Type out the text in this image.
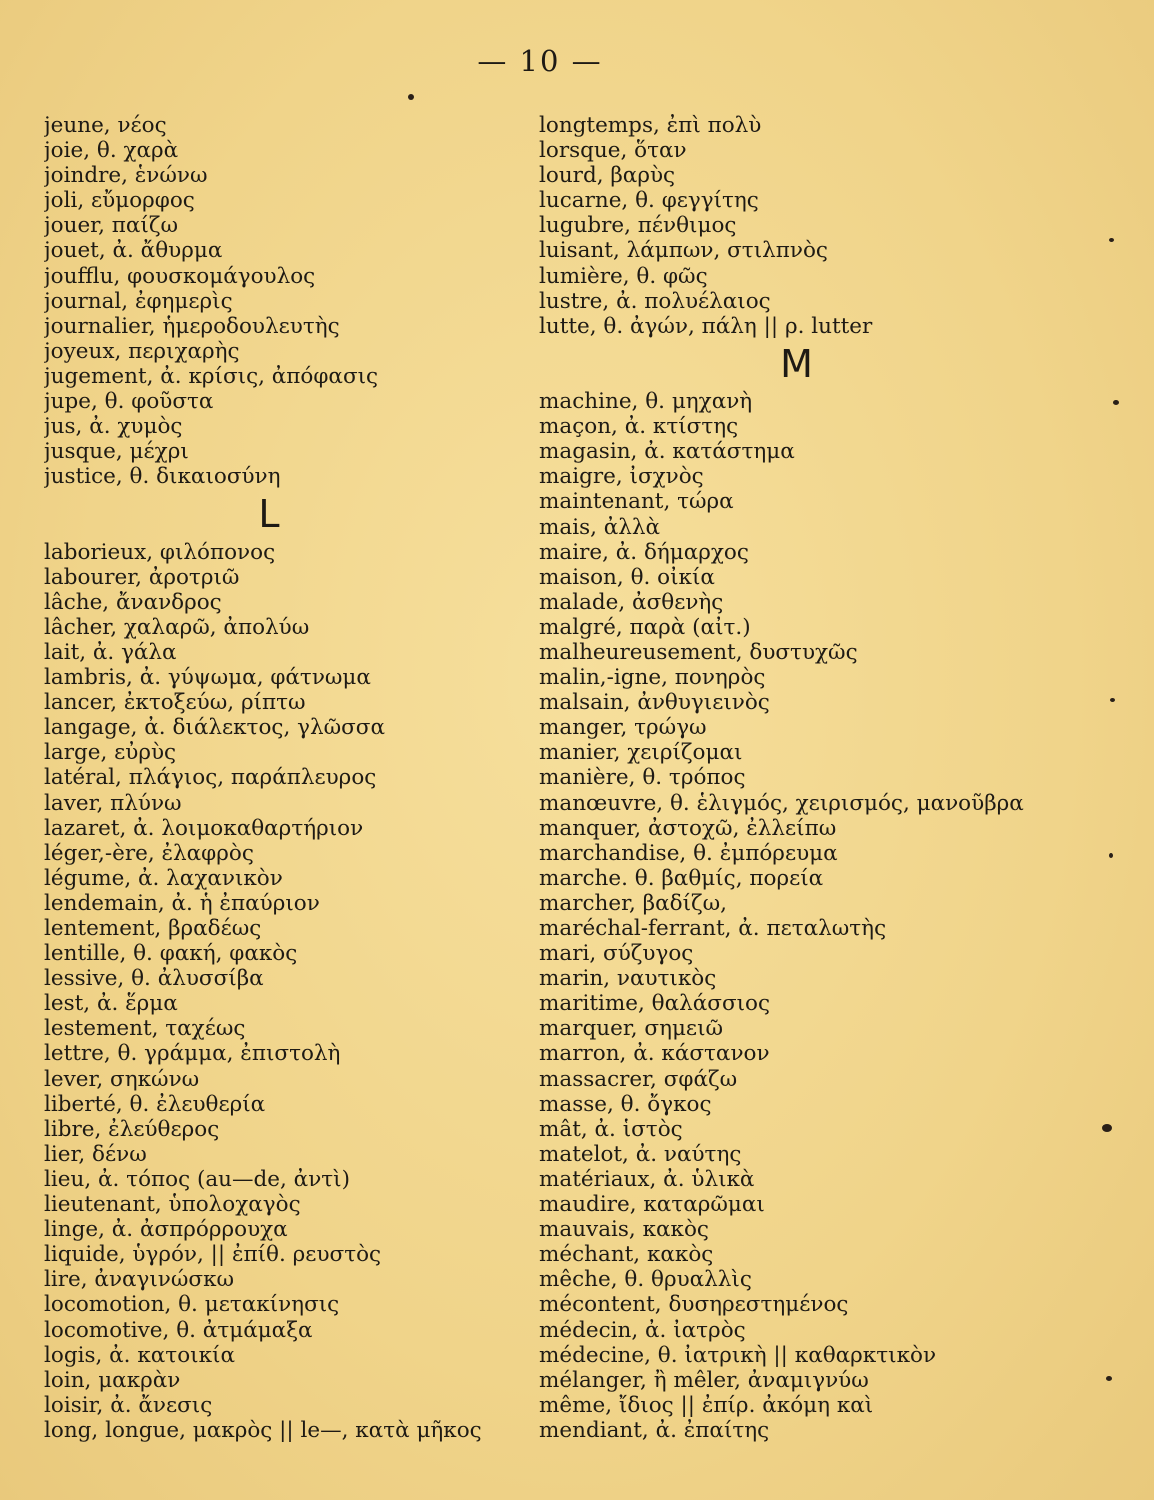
— 10 —
jeune, νέος
joie, θ. χαρὰ
joindre, ἑνώνω
joli, εὔμορφος
jouer, παίζω
jouet, ἀ. ἄθυρμα
joufflu, φουσκομάγουλος
journal, ἐφημερὶς
journalier, ἡμεροδουλευτὴς
joyeux, περιχαρὴς
jugement, ἀ. κρίσις, ἀπόφασις
jupe, θ. φοῦστα
jus, ἀ. χυμὸς
jusque, μέχρι
justice, θ. δικαιοσύνη
L
laborieux, φιλόπονος
labourer, ἀροτριῶ
lâche, ἄνανδρος
lâcher, χαλαρῶ, ἀπολύω
lait, ἀ. γάλα
lambris, ἀ. γύψωμα, φάτνωμα
lancer, ἐκτοξεύω, ρίπτω
langage, ἀ. διάλεκτος, γλῶσσα
large, εὐρὺς
latéral, πλάγιος, παράπλευρος
laver, πλύνω
lazaret, ἀ. λοιμοκαθαρτήριον
léger,-ère, ἐλαφρὸς
légume, ἀ. λαχανικὸν
lendemain, ἀ. ἡ ἐπαύριον
lentement, βραδέως
lentille, θ. φακή, φακὸς
lessive, θ. ἀλυσσίβα
lest, ἀ. ἕρμα
lestement, ταχέως
lettre, θ. γράμμα, ἐπιστολὴ
lever, σηκώνω
liberté, θ. ἐλευθερία
libre, ἐλεύθερος
lier, δένω
lieu, ἀ. τόπος (au—de, ἀντὶ)
lieutenant, ὑπολοχαγὸς
linge, ἀ. ἀσπρόρρουχα
liquide, ὑγρόν, || ἐπίθ. ρευστὸς
lire, ἀναγινώσκω
locomotion, θ. μετακίνησις
locomotive, θ. ἀτμάμαξα
logis, ἀ. κατοικία
loin, μακρὰν
loisir, ἀ. ἄνεσις
long, longue, μακρὸς || le—, κατὰ μῆκος
longtemps, ἐπὶ πολὺ
lorsque, ὅταν
lourd, βαρὺς
lucarne, θ. φεγγίτης
lugubre, πένθιμος
luisant, λάμπων, στιλπνὸς
lumière, θ. φῶς
lustre, ἀ. πολυέλαιος
lutte, θ. ἀγών, πάλη || ρ. lutter
M
machine, θ. μηχανὴ
maçon, ἀ. κτίστης
magasin, ἀ. κατάστημα
maigre, ἰσχνὸς
maintenant, τώρα
mais, ἀλλὰ
maire, ἀ. δήμαρχος
maison, θ. οἰκία
malade, ἀσθενὴς
malgré, παρὰ (αἰτ.)
malheureusement, δυστυχῶς
malin,-igne, πονηρὸς
malsain, ἀνθυγιεινὸς
manger, τρώγω
manier, χειρίζομαι
manière, θ. τρόπος
manœuvre, θ. ἑλιγμός, χειρισμός, μανοῦβρα
manquer, ἀστοχῶ, ἐλλείπω
marchandise, θ. ἐμπόρευμα
marche. θ. βαθμίς, πορεία
marcher, βαδίζω,
maréchal-ferrant, ἀ. πεταλωτὴς
mari, σύζυγος
marin, ναυτικὸς
maritime, θαλάσσιος
marquer, σημειῶ
marron, ἀ. κάστανον
massacrer, σφάζω
masse, θ. ὄγκος
mât, ἀ. ἱστὸς
matelot, ἀ. ναύτης
matériaux, ἀ. ὑλικὰ
maudire, καταρῶμαι
mauvais, κακὸς
méchant, κακὸς
mêche, θ. θρυαλλὶς
mécontent, δυσηρεστημένος
médecin, ἀ. ἰατρὸς
médecine, θ. ἰατρικὴ || καθαρκτικὸν
mélanger, ἢ mêler, ἀναμιγνύω
même, ἴδιος || ἐπίρ. ἀκόμη καὶ
mendiant, ἀ. ἐπαίτης
